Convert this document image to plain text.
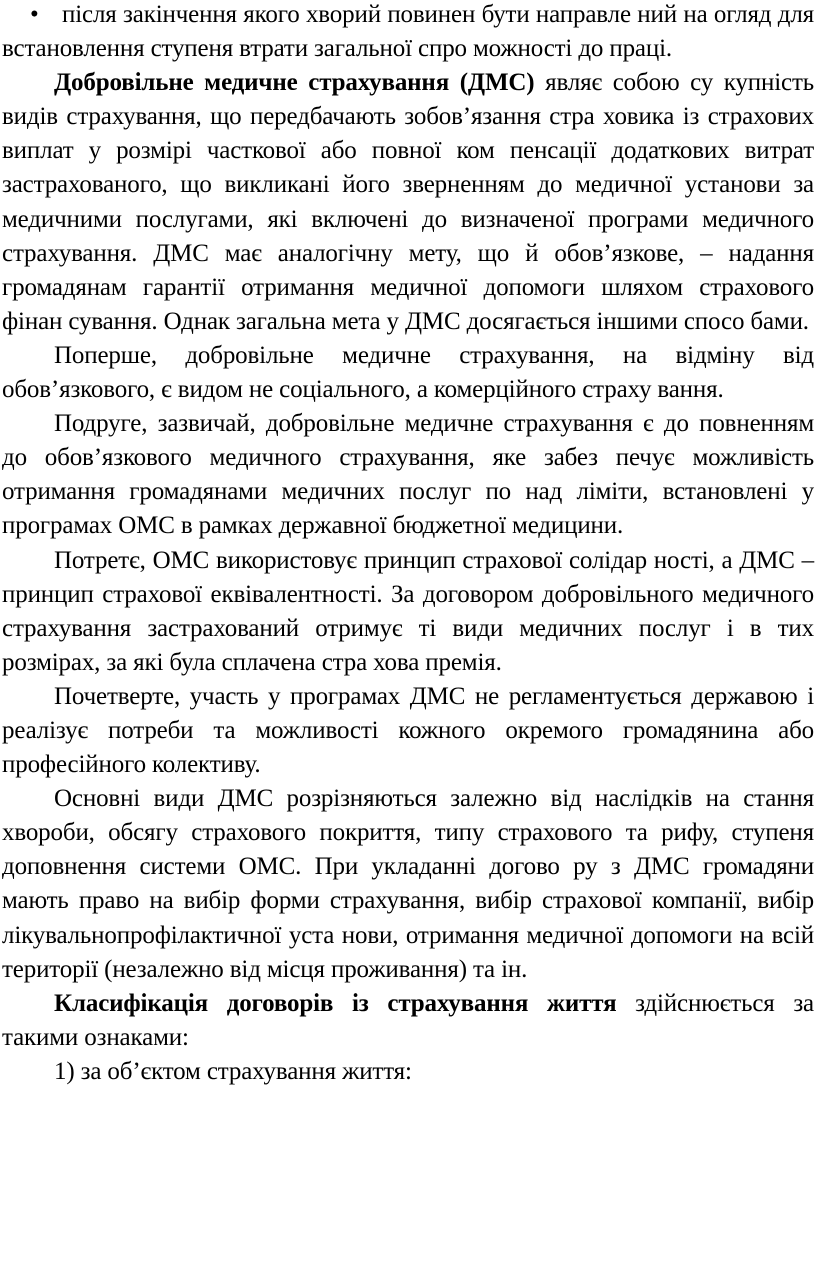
• після закінчення якого хворий повинен бути направле ний на огляд для встановлення ступеня втрати загальної спро можності до праці.

Добровільне медичне страхування (ДМС) являє собою су купність видів страхування, що передбачають зобов’язання стра ховика із страхових виплат у розмірі часткової або повної ком пенсації додаткових витрат застрахованого, що викликані його зверненням до медичної установи за медичними послугами, які включені до визначеної програми медичного страхування. ДМС має аналогічну мету, що й обов’язкове, – надання громадянам гарантії отримання медичної допомоги шляхом страхового фінан сування. Однак загальна мета у ДМС досягається іншими спосо бами.

Поперше, добровільне медичне страхування, на відміну від обов’язкового, є видом не соціального, а комерційного страху вання.

Подруге, зазвичай, добровільне медичне страхування є до повненням до обов’язкового медичного страхування, яке забез печує можливість отримання громадянами медичних послуг по над ліміти, встановлені у програмах ОМС в рамках державної бюджетної медицини.

Потретє, ОМС використовує принцип страхової солідар ності, а ДМС – принцип страхової еквівалентності. За договором добровільного медичного страхування застрахований отримує ті види медичних послуг і в тих розмірах, за які була сплачена стра хова премія.

Почетверте, участь у програмах ДМС не регламентується державою і реалізує потреби та можливості кожного окремого громадянина або професійного колективу.

Основні види ДМС розрізняються залежно від наслідків на стання хвороби, обсягу страхового покриття, типу страхового та рифу, ступеня доповнення системи ОМС. При укладанні догово ру з ДМС громадяни мають право на вибір форми страхування, вибір страхової компанії, вибір лікувальнопрофілактичної уста нови, отримання медичної допомоги на всій території (незалежно від місця проживання) та ін.

Класифікація договорів із страхування життя здійснюється за такими ознаками:

1) за об’єктом страхування життя:
